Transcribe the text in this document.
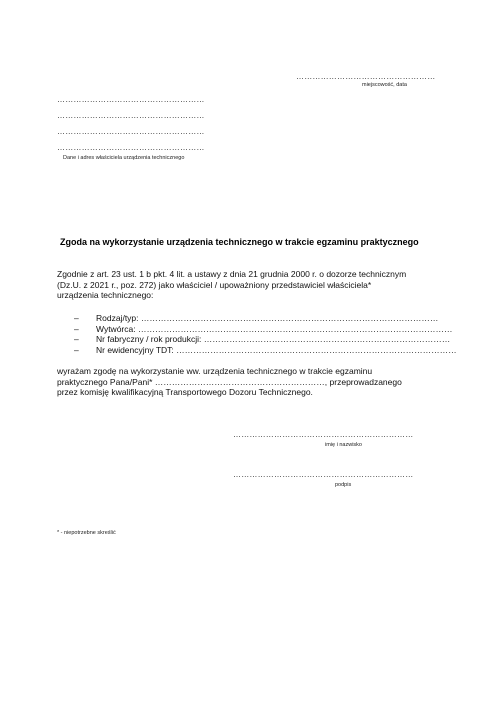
……………………………………………
miejscowość, data
………………………………………………
………………………………………………
………………………………………………
………………………………………………
Dane i adres właściciela urządzenia technicznego
Zgoda na wykorzystanie urządzenia technicznego w trakcie egzaminu praktycznego
Zgodnie z art. 23 ust. 1 b pkt. 4 lit. a ustawy z dnia 21 grudnia 2000 r. o dozorze technicznym
(Dz.U. z 2021 r., poz. 272) jako właściciel / upoważniony przedstawiciel właściciela*
urządzenia technicznego:
– Rodzaj/typ: ……………………………………………………………………………………………
– Wytwórca: …………………………………………………………………………………………………
– Nr fabryczny / rok produkcji: ……………………………………………………………………………
– Nr ewidencyjny TDT: ………………………………………………………………………………………
wyrażam zgodę na wykorzystanie ww. urządzenia technicznego w trakcie egzaminu
praktycznego Pana/Pani* ……………………………………………………, przeprowadzanego
przez komisję kwalifikacyjną Transportowego Dozoru Technicznego.
…………………………………………………………
imię i nazwisko
…………………………………………………………
podpis
* - niepotrzebne skreślić
